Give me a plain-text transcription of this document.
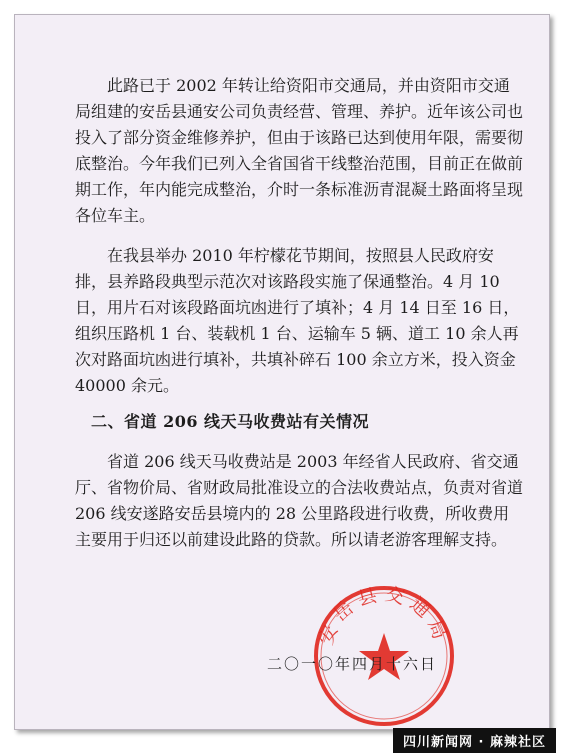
此路已于 2002 年转让给资阳市交通局，并由资阳市交通局组建的安岳县通安公司负责经营、管理、养护。近年该公司也投入了部分资金维修养护，但由于该路已达到使用年限，需要彻底整治。今年我们已列入全省国省干线整治范围，目前正在做前期工作，年内能完成整治，介时一条标准沥青混凝土路面将呈现各位车主。

在我县举办 2010 年柠檬花节期间，按照县人民政府安排，县养路段典型示范次对该路段实施了保通整治。4 月 10 日，用片石对该段路面坑凼进行了填补；4 月 14 日至 16 日，组织压路机 1 台、装载机 1 台、运输车 5 辆、道工 10 余人再次对路面坑凼进行填补，共填补碎石 100 余立方米，投入资金 40000 余元。

二、省道 206 线天马收费站有关情况

省道 206 线天马收费站是 2003 年经省人民政府、省交通厅、省物价局、省财政局批准设立的合法收费站点，负责对省道 206 线安遂路安岳县境内的 28 公里路段进行收费，所收费用主要用于归还以前建设此路的贷款。所以请老游客理解支持。

安岳县交通局
二〇一〇年四月十六日
四川新闻网 · 麻辣社区
